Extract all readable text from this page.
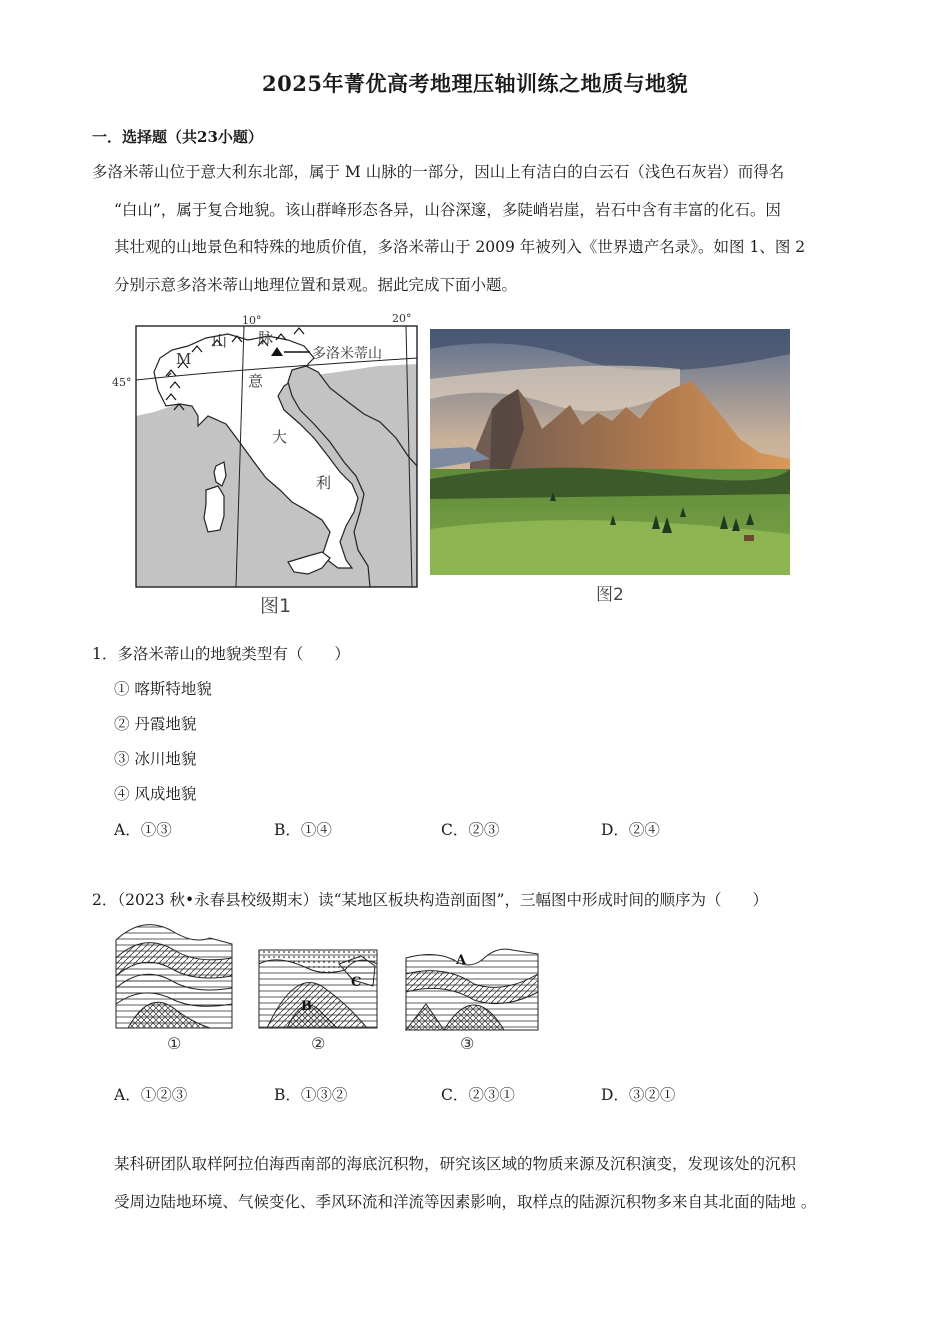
2025年菁优高考地理压轴训练之地质与地貌
一．选择题（共23小题）
多洛米蒂山位于意大利东北部，属于 M 山脉的一部分，因山上有洁白的白云石（浅色石灰岩）而得名
“白山”，属于复合地貌。该山群峰形态各异，山谷深邃，多陡峭岩崖，岩石中含有丰富的化石。因
其壮观的山地景色和特殊的地质价值，多洛米蒂山于 2009 年被列入《世界遗产名录》。如图 1、图 2
分别示意多洛米蒂山地理位置和景观。据此完成下面小题。
10°	20°
45°
山 脉
M
意
大
利
多洛米蒂山
图1	图2
1．多洛米蒂山的地貌类型有（　　）
① 喀斯特地貌
② 丹霞地貌
③ 冰川地貌
④ 风成地貌
A．①③	B．①④	C．②③	D．②④
2．（2023 秋•永春县校级期末）读“某地区板块构造剖面图”，三幅图中形成时间的顺序为（　　）
①
B
C
②
A
③
A．①②③	B．①③②	C．②③①	D．③②①
某科研团队取样阿拉伯海西南部的海底沉积物，研究该区域的物质来源及沉积演变，发现该处的沉积
受周边陆地环境、气候变化、季风环流和洋流等因素影响，取样点的陆源沉积物多来自其北面的陆地 。
